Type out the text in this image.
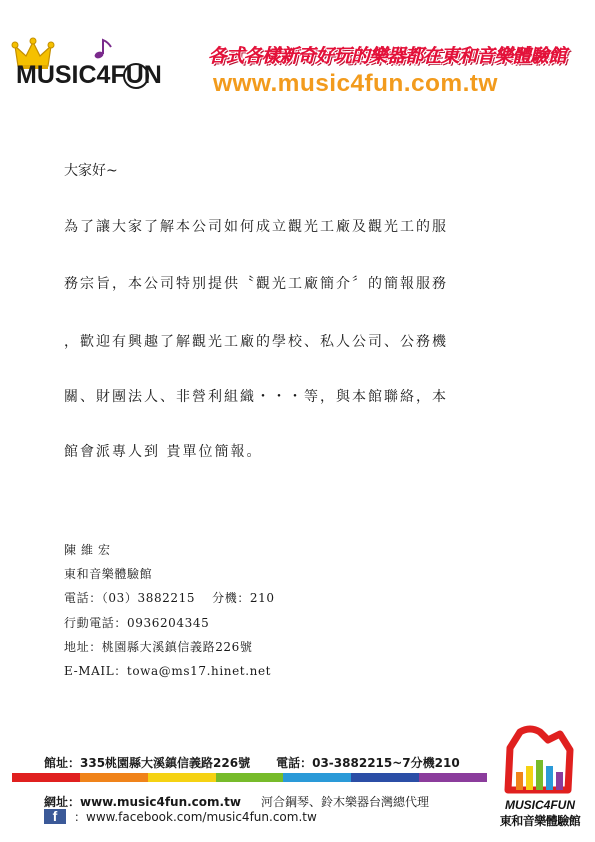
MUSIC4FUN
各式各樣新奇好玩的樂器都在東和音樂體驗館
www.music4fun.com.tw

大家好~

為了讓大家了解本公司如何成立觀光工廠及觀光工的服

務宗旨，本公司特別提供〝觀光工廠簡介〞的簡報服務

，歡迎有興趣了解觀光工廠的學校、私人公司、公務機

關、財團法人、非營利組織・・・等，與本館聯絡，本

館會派專人到 貴單位簡報。

陳 維 宏

東和音樂體驗館

電話：（03）3882215　 分機：210

行動電話：0936204345

地址：桃園縣大溪鎮信義路226號

E-MAIL：towa@ms17.hinet.net

館址：335桃園縣大溪鎮信義路226號 電話：03-3882215~7分機210
網址：www.music4fun.com.tw 河合鋼琴、鈴木樂器台灣總代理
f	：www.facebook.com/music4fun.com.tw
MUSIC4FUN
東和音樂體驗館
